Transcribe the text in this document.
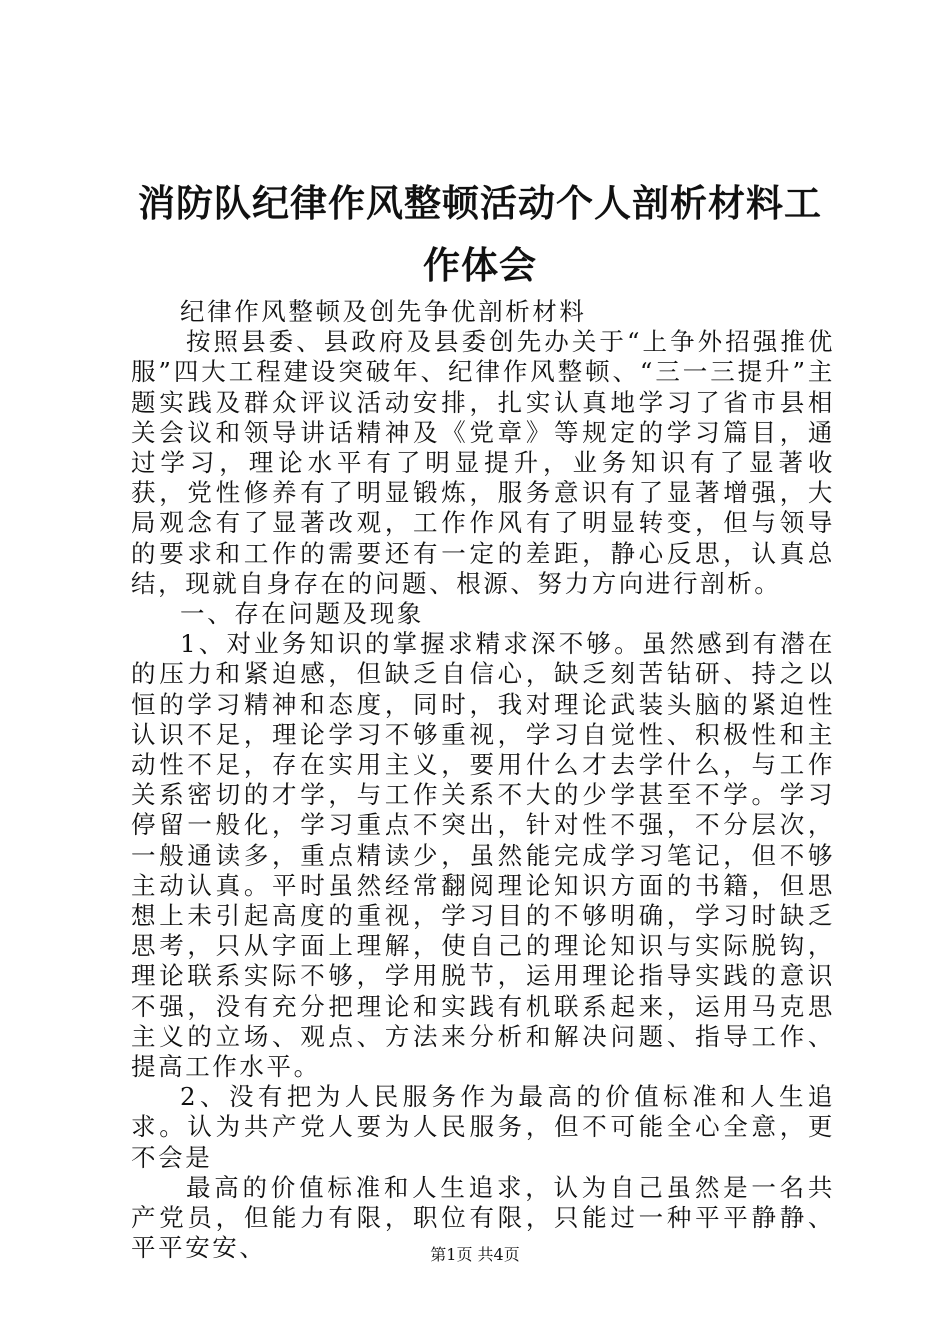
消防队纪律作风整顿活动个人剖析材料工作体会

纪律作风整顿及创先争优剖析材料

按照县委、县政府及县委创先办关于“上争外招强推优服”四大工程建设突破年、纪律作风整顿、“三一三提升”主题实践及群众评议活动安排，扎实认真地学习了省市县相关会议和领导讲话精神及《党章》等规定的学习篇目，通过学习，理论水平有了明显提升，业务知识有了显著收获，党性修养有了明显锻炼，服务意识有了显著增强，大局观念有了显著改观，工作作风有了明显转变，但与领导的要求和工作的需要还有一定的差距，静心反思，认真总结，现就自身存在的问题、根源、努力方向进行剖析。

一、存在问题及现象

1、对业务知识的掌握求精求深不够。虽然感到有潜在的压力和紧迫感，但缺乏自信心，缺乏刻苦钻研、持之以恒的学习精神和态度，同时，我对理论武装头脑的紧迫性认识不足，理论学习不够重视，学习自觉性、积极性和主动性不足，存在实用主义，要用什么才去学什么，与工作关系密切的才学，与工作关系不大的少学甚至不学。学习停留一般化，学习重点不突出，针对性不强，不分层次，一般通读多，重点精读少，虽然能完成学习笔记，但不够主动认真。平时虽然经常翻阅理论知识方面的书籍，但思想上未引起高度的重视，学习目的不够明确，学习时缺乏思考，只从字面上理解，使自己的理论知识与实际脱钩，理论联系实际不够，学用脱节，运用理论指导实践的意识不强，没有充分把理论和实践有机联系起来，运用马克思主义的立场、观点、方法来分析和解决问题、指导工作、提高工作水平。

2、没有把为人民服务作为最高的价值标准和人生追求。认为共产党人要为人民服务，但不可能全心全意，更不会是

最高的价值标准和人生追求，认为自己虽然是一名共产党员，但能力有限，职位有限，只能过一种平平静静、平平安安、	第1页 共4页
